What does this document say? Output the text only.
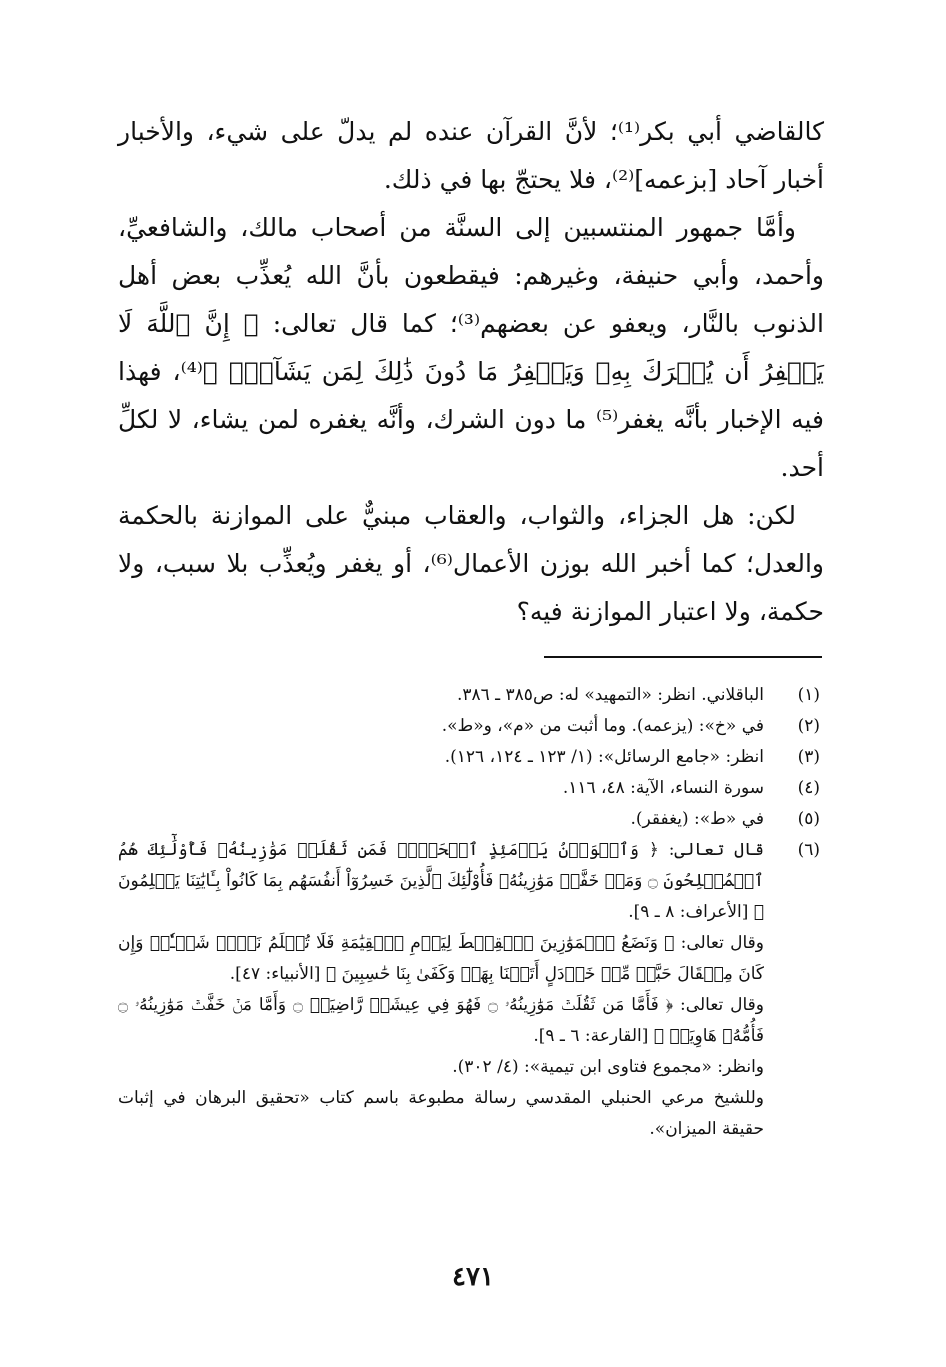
كالقاضي أبي بكر⁽¹⁾؛ لأنَّ القرآن عنده لم يدلّ على شيء، والأخبار أخبار آحاد [بزعمه]⁽²⁾، فلا يحتجّ بها في ذلك.

وأمَّا جمهور المنتسبين إلى السنَّة من أصحاب مالك، والشافعيِّ، وأحمد، وأبي حنيفة، وغيرهم: فيقطعون بأنَّ الله يُعذِّب بعض أهل الذنوب بالنَّار، ويعفو عن بعضهم⁽³⁾؛ كما قال تعالى: ﴿ إِنَّ ٱللَّهَ لَا يَغۡفِرُ أَن يُشۡرَكَ بِهِۦ وَيَغۡفِرُ مَا دُونَ ذَٰلِكَ لِمَن يَشَآءُۚ ﴾⁽⁴⁾، فهذا فيه الإخبار بأنَّه يغفر⁽⁵⁾ ما دون الشرك، وأنَّه يغفره لمن يشاء، لا لكلِّ أحد.

لكن: هل الجزاء، والثواب، والعقاب مبنيٌّ على الموازنة بالحكمة والعدل؛ كما أخبر الله بوزن الأعمال⁽⁶⁾، أو يغفر ويُعذِّب بلا سبب، ولا حكمة، ولا اعتبار الموازنة فيه؟

(١)

الباقلاني. انظر: «التمهيد» له: ص٣٨٥ ـ ٣٨٦.

(٢)

في «خ»: (يزعمه). وما أثبت من «م»، و«ط».

(٣)

انظر: «جامع الرسائل»: (١/ ١٢٣ ـ ١٢٤، ١٢٦).

(٤)

سورة النساء، الآية: ٤٨، ١١٦.

(٥)

في «ط»: (يغفقر).

(٦)

قال تعالى: ﴿ وَٱلۡوَزۡنُ يَوۡمَئِذٍ ٱلۡحَقُّۚ فَمَن ثَقُلَتۡ مَوَٰزِينُهُۥ فَأُوْلَٰٓئِكَ هُمُ ٱلۡمُفۡلِحُونَ ۝ وَمَنۡ خَفَّتۡ مَوَٰزِينُهُۥ فَأُوْلَٰٓئِكَ ٱلَّذِينَ خَسِرُوٓاْ أَنفُسَهُم بِمَا كَانُواْ بِـَٔايَٰتِنَا يَظۡلِمُونَ ﴾ [الأعراف: ٨ ـ ٩].

وقال تعالى: ﴿ وَنَضَعُ ٱلۡمَوَٰزِينَ ٱلۡقِسۡطَ لِيَوۡمِ ٱلۡقِيَٰمَةِ فَلَا تُظۡلَمُ نَفۡسٞ شَيۡـٔٗاۖ وَإِن كَانَ مِثۡقَالَ حَبَّةٖ مِّنۡ خَرۡدَلٍ أَتَيۡنَا بِهَاۗ وَكَفَىٰ بِنَا حَٰسِبِينَ ﴾ [الأنبياء: ٤٧].

وقال تعالى: ﴿ فَأَمَّا مَن ثَقُلَتۡ مَوَٰزِينُهُۥ ۝ فَهُوَ فِي عِيشَةٖ رَّاضِيَةٖ ۝ وَأَمَّا مَنۡ خَفَّتۡ مَوَٰزِينُهُۥ ۝ فَأُمُّهُۥ هَاوِيَةٞ ﴾ [القارعة: ٦ ـ ٩].

وانظر: «مجموع فتاوى ابن تيمية»: (٤/ ٣٠٢).

وللشيخ مرعي الحنبلي المقدسي رسالة مطبوعة باسم كتاب «تحقيق البرهان في إثبات حقيقة الميزان».

٤٧١
